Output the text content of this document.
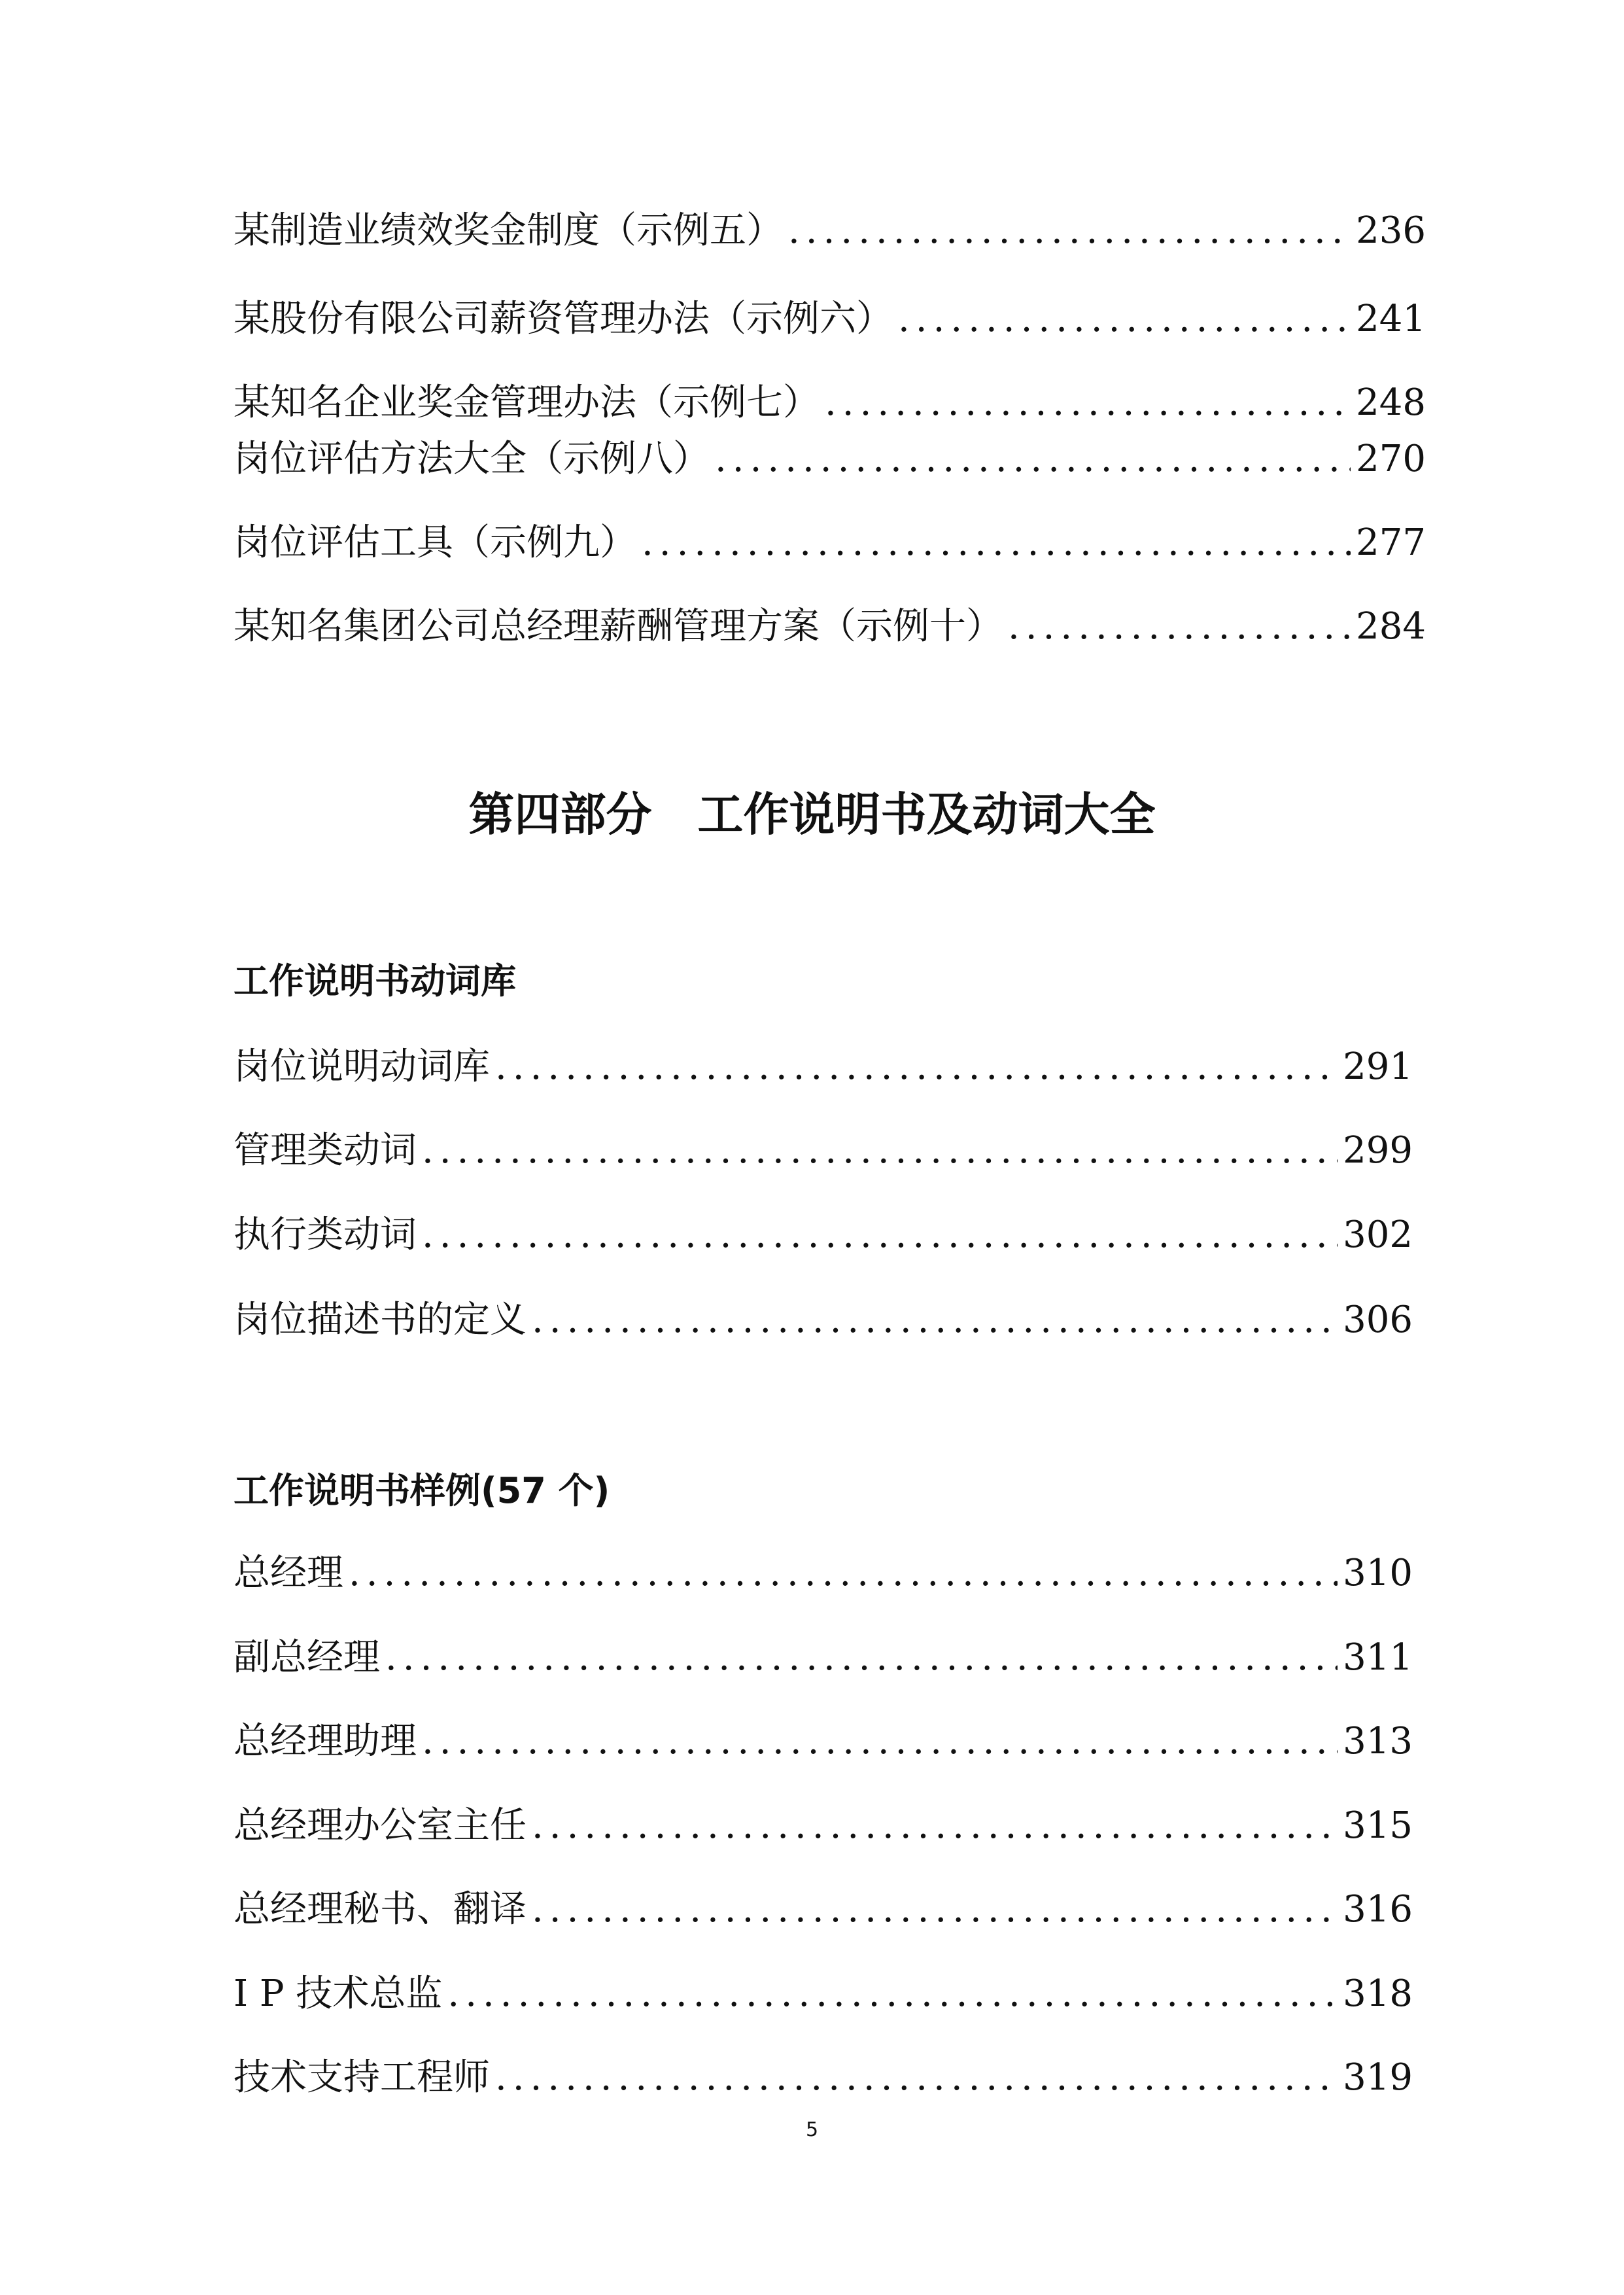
某制造业绩效奖金制度（示例五） .....	236
某股份有限公司薪资管理办法（示例六） .....	241
某知名企业奖金管理办法（示例七） .....	248
岗位评估方法大全（示例八） .....	270
岗位评估工具（示例九） .....	277
某知名集团公司总经理薪酬管理方案（示例十） .....	284
第四部分　工作说明书及动词大全
工作说明书动词库
岗位说明动词库 .....	291
管理类动词 .....	299
执行类动词 .....	302
岗位描述书的定义 .....	306
工作说明书样例(57 个)
总经理 .....	310
副总经理 .....	311
总经理助理 .....	313
总经理办公室主任 .....	315
总经理秘书、翻译 .....	316
I P 技术总监 .....	318
技术支持工程师 .....	319
5
